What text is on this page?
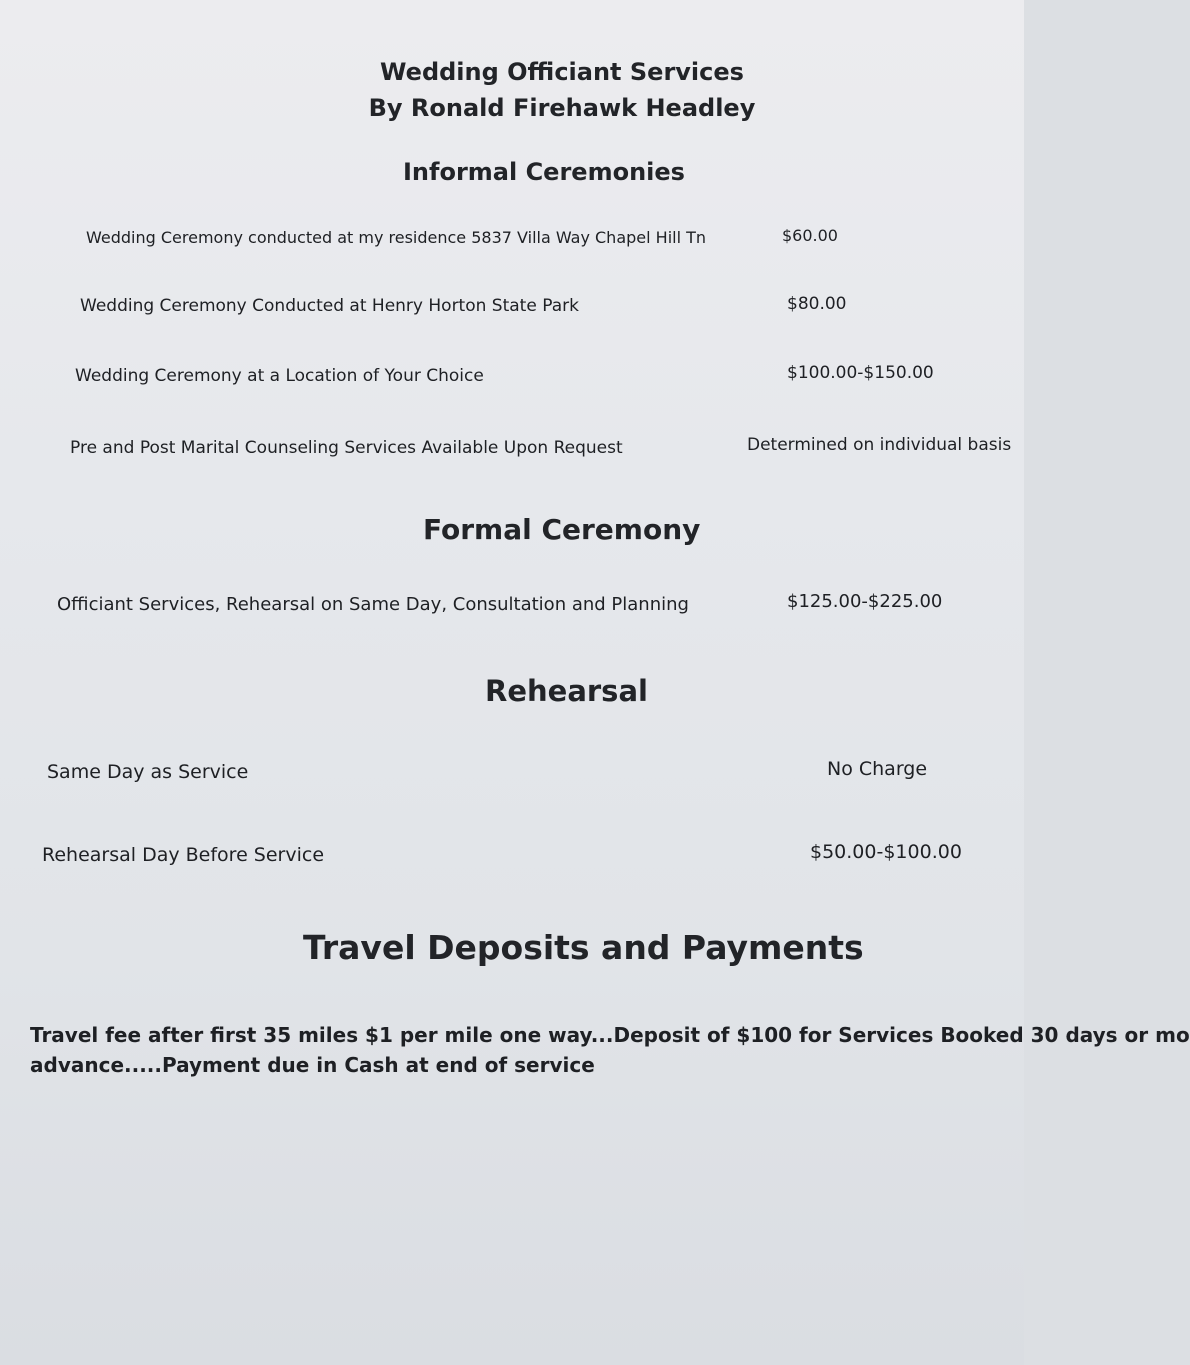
Wedding Officiant Services
By Ronald Firehawk Headley
Informal Ceremonies
Wedding Ceremony conducted at my residence 5837 Villa Way Chapel Hill Tn	$60.00
Wedding Ceremony Conducted at Henry Horton State Park	$80.00
Wedding Ceremony at a Location of Your Choice	$100.00-$150.00
Pre and Post Marital Counseling Services Available Upon Request	Determined on individual basis
Formal Ceremony
Officiant Services, Rehearsal on Same Day, Consultation and Planning	$125.00-$225.00
Rehearsal
Same Day as Service	No Charge
Rehearsal Day Before Service	$50.00-$100.00
Travel Deposits and Payments
Travel fee after first 35 miles $1 per mile one way...Deposit of $100 for Services Booked 30 days or mo
advance.....Payment due in Cash at end of service
